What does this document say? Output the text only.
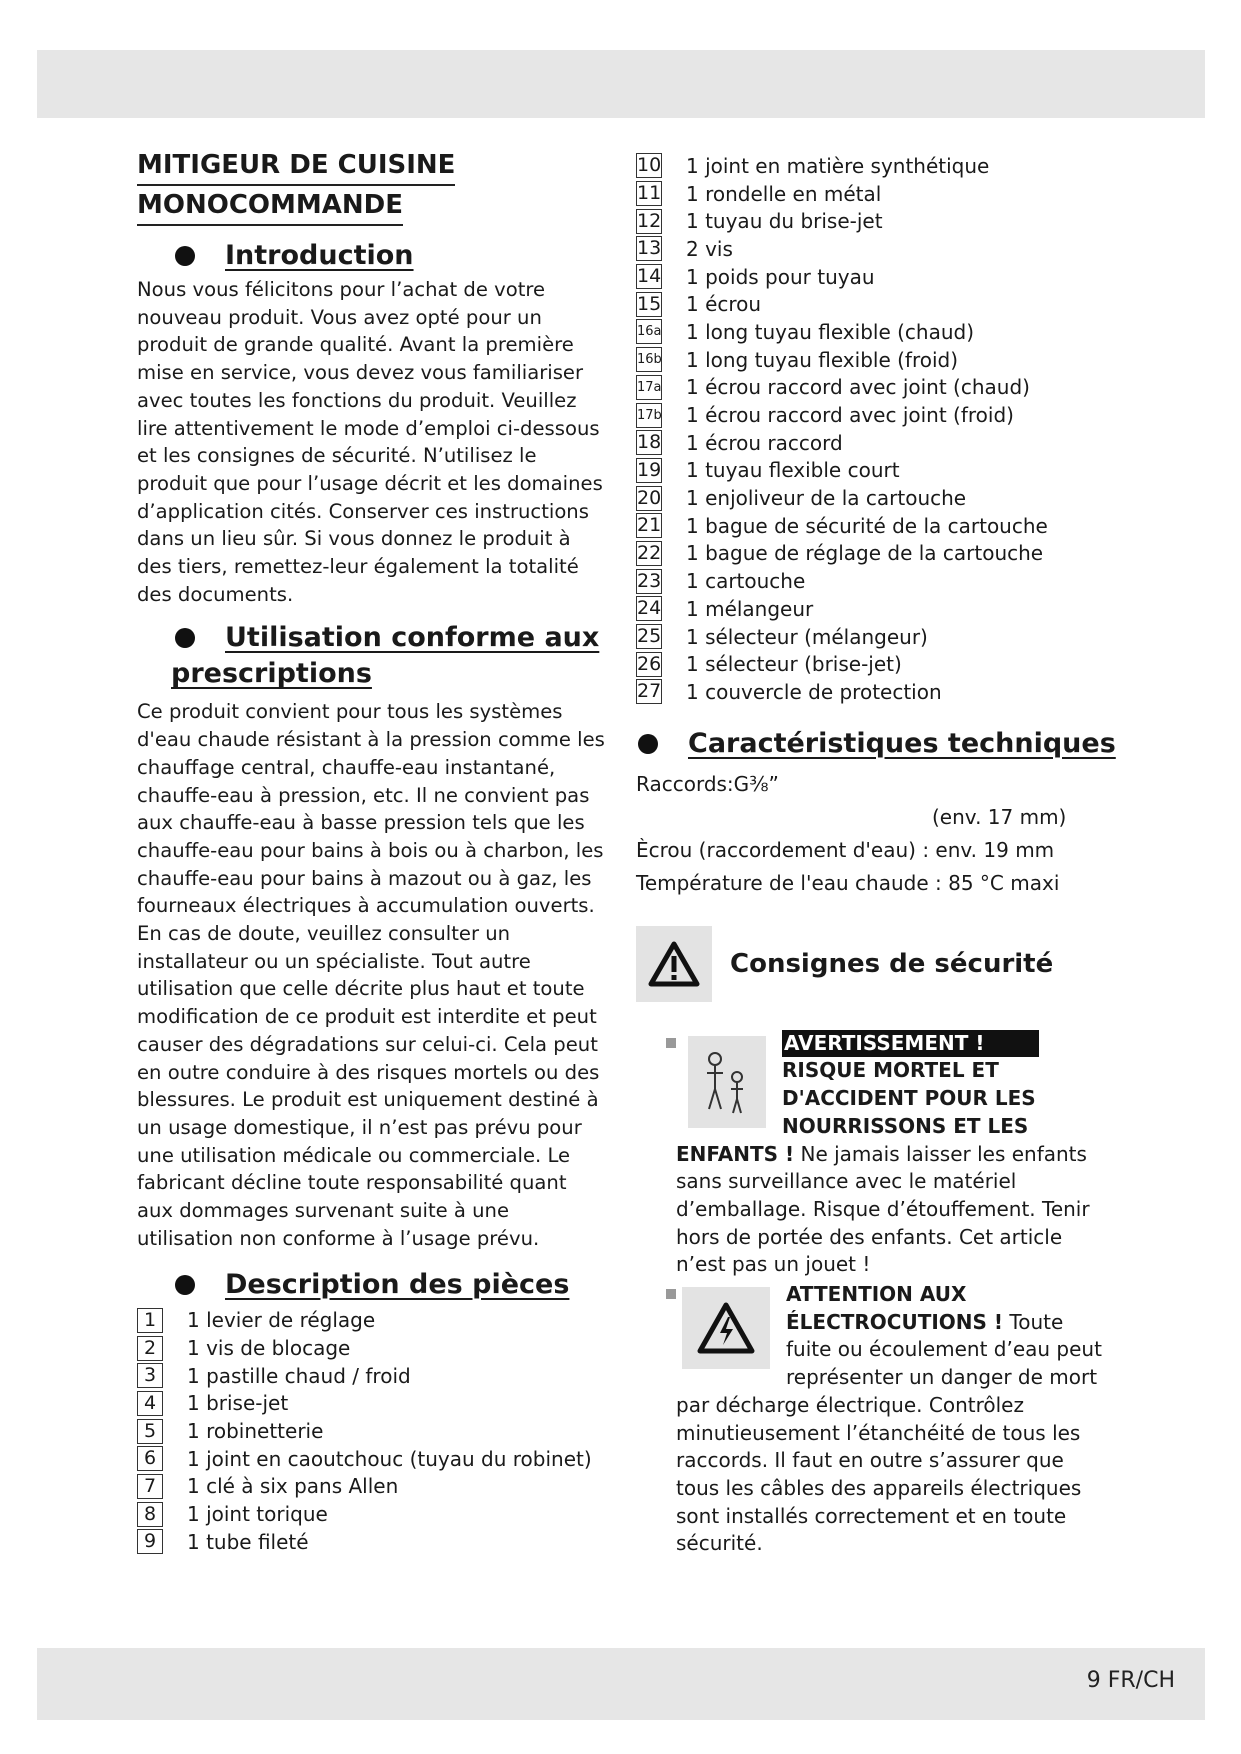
MITIGEUR DE CUISINE
MONOCOMMANDE
Introduction

Nous vous félicitons pour l’achat de votre nouveau produit. Vous avez opté pour un produit de grande qualité. Avant la première mise en service, vous devez vous familiariser avec toutes les fonctions du produit. Veuillez lire attentivement le mode d’emploi ci-dessous et les consignes de sécurité. N’utilisez le produit que pour l’usage décrit et les domaines d’application cités. Conserver ces instructions dans un lieu sûr. Si vous donnez le produit à des tiers, remettez-leur également la totalité des documents.

Utilisation conforme aux
prescriptions

Ce produit convient pour tous les systèmes d'eau chaude résistant à la pression comme les chauffage central, chauffe-eau instantané, chauffe-eau à pression, etc. Il ne convient pas aux chauffe-eau à basse pression tels que les chauffe-eau pour bains à bois ou à charbon, les chauffe-eau pour bains à mazout ou à gaz, les fourneaux électriques à accumulation ouverts. En cas de doute, veuillez consulter un installateur ou un spécialiste. Tout autre utilisation que celle décrite plus haut et toute modification de ce produit est interdite et peut causer des dégradations sur celui-ci. Cela peut en outre conduire à des risques mortels ou des blessures. Le produit est uniquement destiné à un usage domestique, il n’est pas prévu pour une utilisation médicale ou commerciale. Le fabricant décline toute responsabilité quant aux dommages survenant suite à une utilisation non conforme à l’usage prévu.

Description des pièces
1	1 levier de réglage
2	1 vis de blocage
3	1 pastille chaud / froid
4	1 brise-jet
5	1 robinetterie
6	1 joint en caoutchouc (tuyau du robinet)
7	1 clé à six pans Allen
8	1 joint torique
9	1 tube fileté
10 1 joint en matière synthétique
11 1 rondelle en métal
12 1 tuyau du brise-jet
13 2 vis
14 1 poids pour tuyau
15 1 écrou
16a 1 long tuyau flexible (chaud)
16b 1 long tuyau flexible (froid)
17a 1 écrou raccord avec joint (chaud)
17b 1 écrou raccord avec joint (froid)
18 1 écrou raccord
19 1 tuyau flexible court
20 1 enjoliveur de la cartouche
21 1 bague de sécurité de la cartouche
22 1 bague de réglage de la cartouche
23 1 cartouche
24 1 mélangeur
25 1 sélecteur (mélangeur)
26 1 sélecteur (brise-jet)
27 1 couvercle de protection
Caractéristiques techniques
Raccords:G⅜”
(env. 17 mm)
Ècrou (raccordement d'eau) : env. 19 mm
Température de l'eau chaude : 85 °C maxi
Consignes de sécurité
AVERTISSEMENT !
RISQUE MORTEL ET D'ACCIDENT POUR LES NOURRISSONS ET LES ENFANTS ! Ne jamais laisser les enfants sans surveillance avec le matériel d’emballage. Risque d’étouffement. Tenir hors de portée des enfants. Cet article n’est pas un jouet !
ATTENTION AUX ÉLECTROCUTIONS ! Toute fuite ou écoulement d’eau peut représenter un danger de mort par décharge électrique. Contrôlez minutieusement l’étanchéité de tous les raccords. Il faut en outre s’assurer que tous les câbles des appareils électriques sont installés correctement et en toute sécurité.
9 FR/CH
